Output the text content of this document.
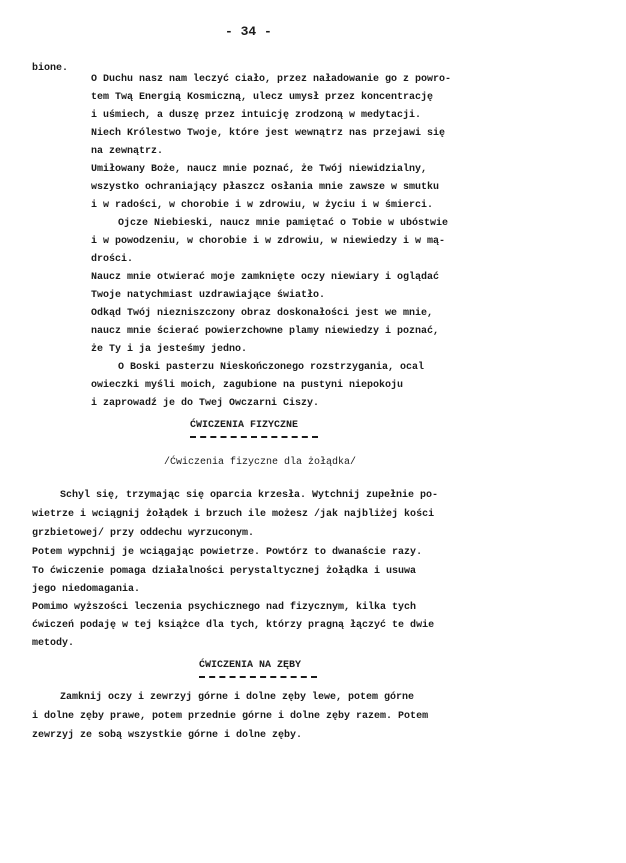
- 34 -
bione.
O Duchu nasz nam leczyć ciało, przez naładowanie go z powro-
tem Twą Energią Kosmiczną, ulecz umysł przez koncentrację
i uśmiech, a duszę przez intuicję zrodzoną w medytacji.
Niech Królestwo Twoje, które jest wewnątrz nas przejawi się
na zewnątrz.
Umiłowany Boże, naucz mnie poznać, że Twój niewidzialny,
wszystko ochraniający płaszcz osłania mnie zawsze w smutku
i w radości, w chorobie i w zdrowiu, w życiu i w śmierci.
Ojcze Niebieski, naucz mnie pamiętać o Tobie w ubóstwie
i w powodzeniu, w chorobie i w zdrowiu, w niewiedzy i w mą-
drości.
Naucz mnie otwierać moje zamknięte oczy niewiary i oglądać
Twoje natychmiast uzdrawiające światło.
Odkąd Twój niezniszczony obraz doskonałości jest we mnie,
naucz mnie ścierać powierzchowne plamy niewiedzy i poznać,
że Ty i ja jesteśmy jedno.
O Boski pasterzu Nieskończonego rozstrzygania, ocal
owieczki myśli moich, zagubione na pustyni niepokoju
i zaprowadź je do Twej Owczarni Ciszy.
ĆWICZENIA FIZYCZNE
/Ćwiczenia fizyczne dla żołądka/
Schyl się, trzymając się oparcia krzesła. Wytchnij zupełnie po-
wietrze i wciągnij żołądek i brzuch ile możesz /jak najbliżej kości
grzbietowej/ przy oddechu wyrzuconym.
Potem wypchnij je wciągając powietrze. Powtórz to dwanaście razy.
To ćwiczenie pomaga działalności perystaltycznej żołądka i usuwa
jego niedomagania.
Pomimo wyższości leczenia psychicznego nad fizycznym, kilka tych
ćwiczeń podaję w tej książce dla tych, którzy pragną łączyć te dwie
metody.
ĆWICZENIA NA ZĘBY
Zamknij oczy i zewrzyj górne i dolne zęby lewe, potem górne
i dolne zęby prawe, potem przednie górne i dolne zęby razem. Potem
zewrzyj ze sobą wszystkie górne i dolne zęby.
